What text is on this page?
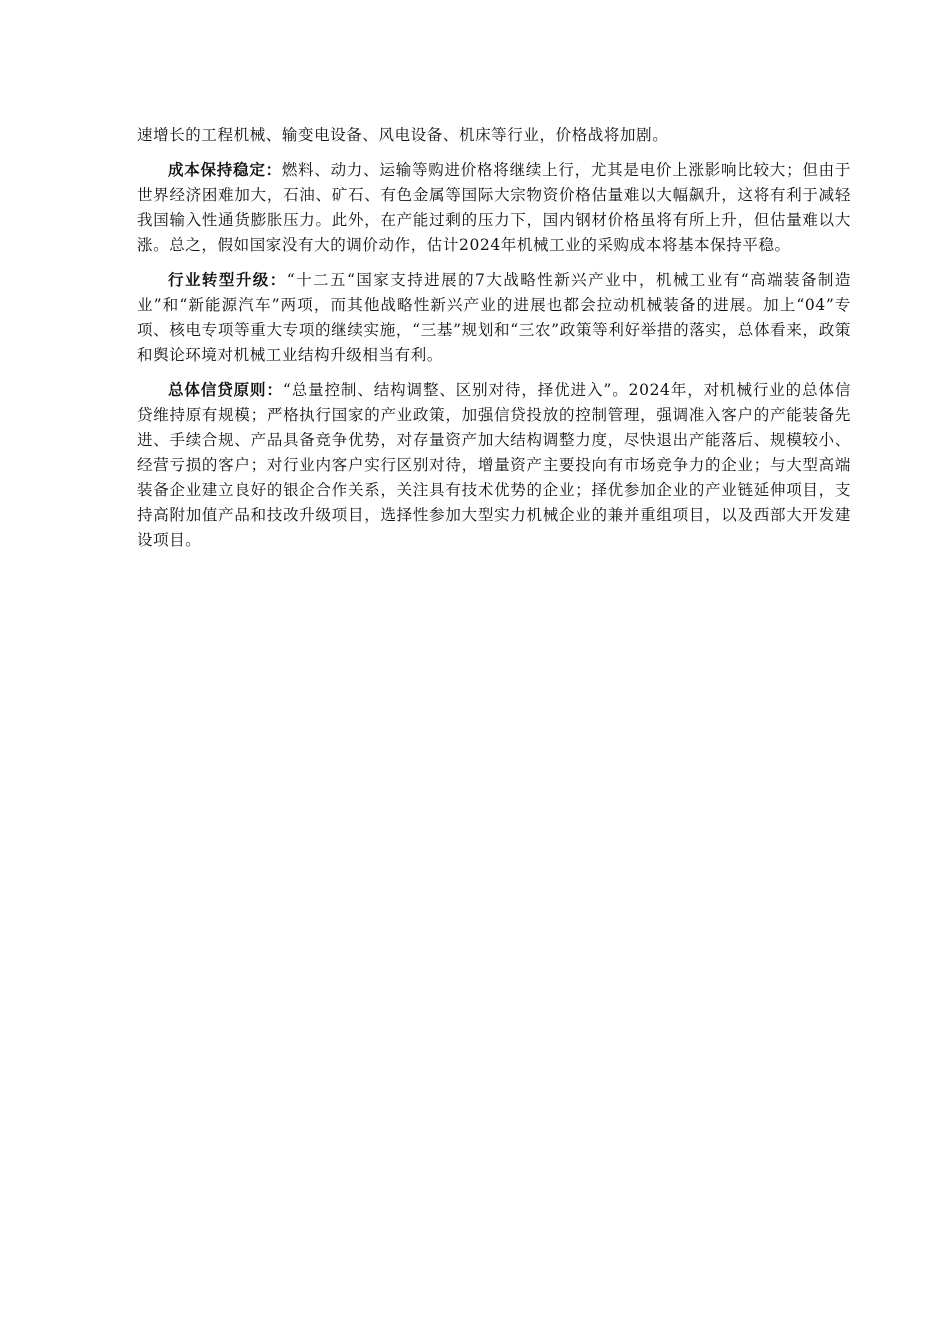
速增长的工程机械、输变电设备、风电设备、机床等行业，价格战将加剧。

成本保持稳定：燃料、动力、运输等购进价格将继续上行，尤其是电价上涨影响比较大；但由于世界经济困难加大，石油、矿石、有色金属等国际大宗物资价格估量难以大幅飙升，这将有利于减轻我国输入性通货膨胀压力。此外，在产能过剩的压力下，国内钢材价格虽将有所上升，但估量难以大涨。总之，假如国家没有大的调价动作，估计2024年机械工业的采购成本将基本保持平稳。

行业转型升级：“十二五“国家支持进展的7大战略性新兴产业中，机械工业有“高端装备制造业”和“新能源汽车”两项，而其他战略性新兴产业的进展也都会拉动机械装备的进展。加上“04”专项、核电专项等重大专项的继续实施，“三基”规划和“三农”政策等利好举措的落实，总体看来，政策和舆论环境对机械工业结构升级相当有利。

总体信贷原则：“总量控制、结构调整、区别对待，择优进入”。2024年，对机械行业的总体信贷维持原有规模；严格执行国家的产业政策，加强信贷投放的控制管理，强调准入客户的产能装备先进、手续合规、产品具备竞争优势，对存量资产加大结构调整力度，尽快退出产能落后、规模较小、经营亏损的客户；对行业内客户实行区别对待，增量资产主要投向有市场竞争力的企业；与大型高端装备企业建立良好的银企合作关系，关注具有技术优势的企业；择优参加企业的产业链延伸项目，支持高附加值产品和技改升级项目，选择性参加大型实力机械企业的兼并重组项目，以及西部大开发建设项目。
